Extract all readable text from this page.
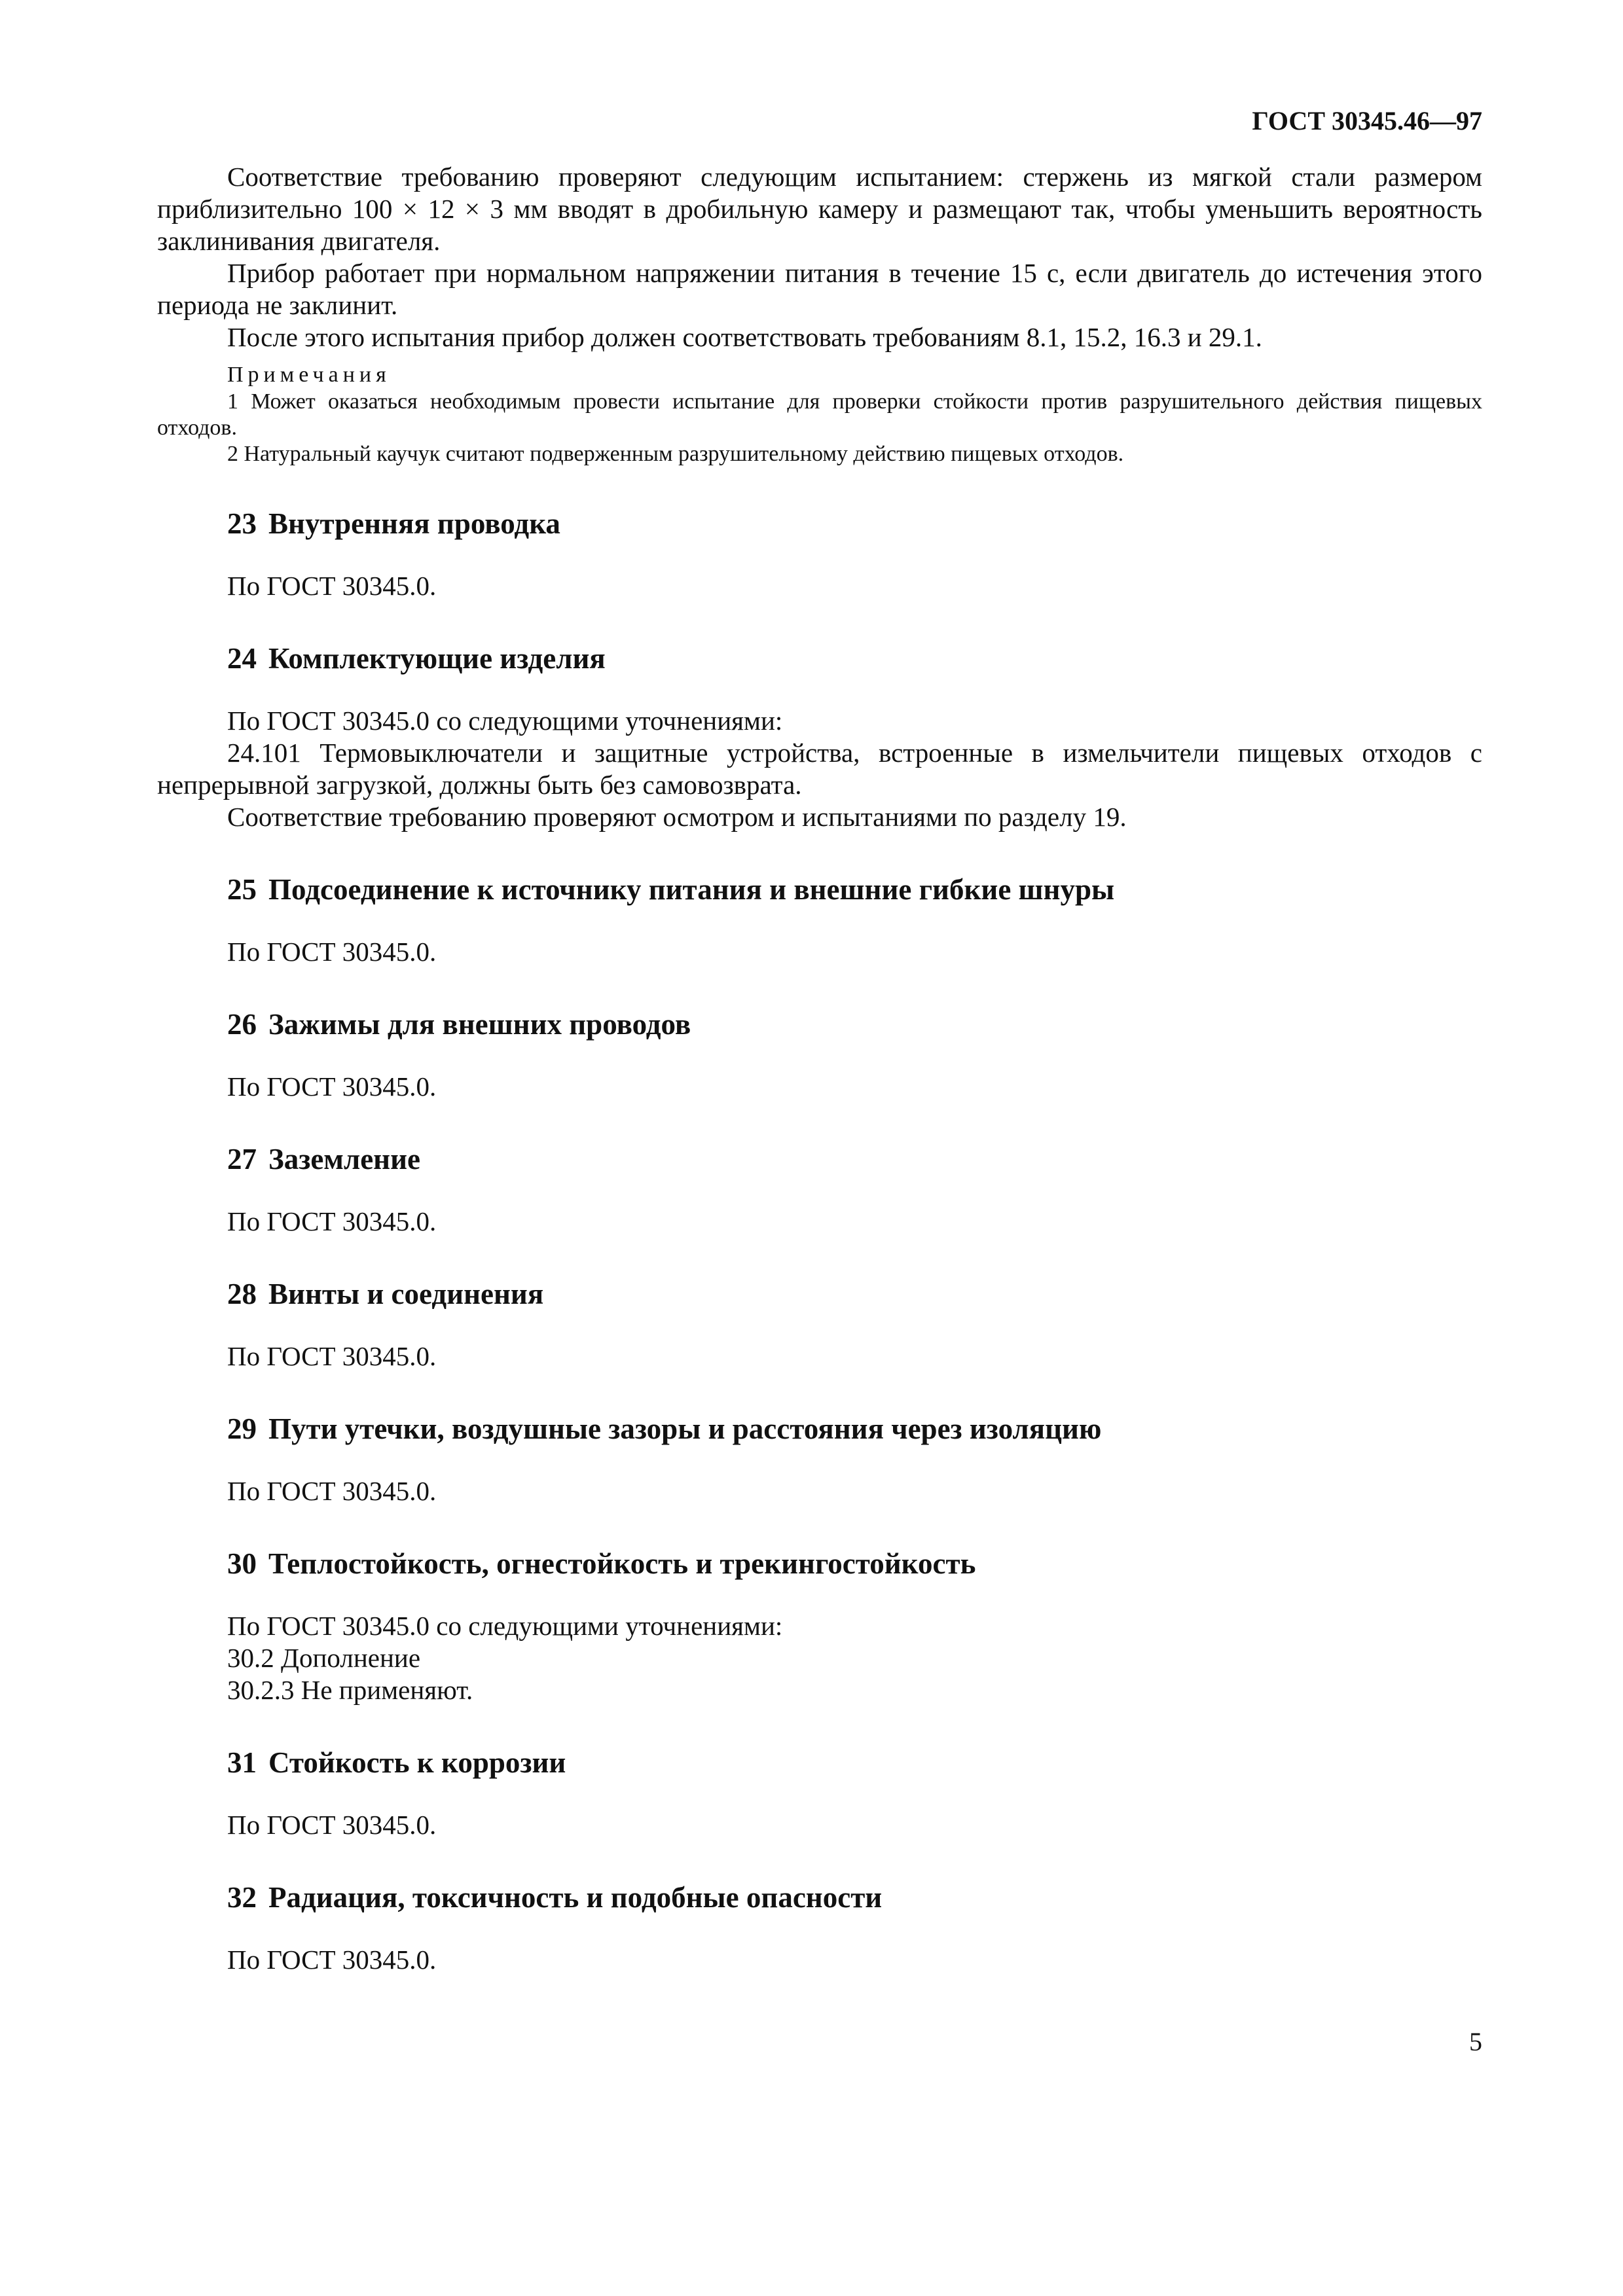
ГОСТ 30345.46—97

Соответствие требованию проверяют следующим испытанием: стержень из мягкой стали размером приблизительно 100 × 12 × 3 мм вводят в дробильную камеру и размещают так, чтобы уменьшить вероятность заклинивания двигателя.

Прибор работает при нормальном напряжении питания в течение 15 с, если двигатель до истечения этого периода не заклинит.

После этого испытания прибор должен соответствовать требованиям 8.1, 15.2, 16.3 и 29.1.

Примечания

1 Может оказаться необходимым провести испытание для проверки стойкости против разрушительного действия пищевых отходов.

2 Натуральный каучук считают подверженным разрушительному действию пищевых отходов.

23 Внутренняя проводка

По ГОСТ 30345.0.

24 Комплектующие изделия

По ГОСТ 30345.0 со следующими уточнениями:

24.101 Термовыключатели и защитные устройства, встроенные в измельчители пищевых отходов с непрерывной загрузкой, должны быть без самовозврата.

Соответствие требованию проверяют осмотром и испытаниями по разделу 19.

25 Подсоединение к источнику питания и внешние гибкие шнуры

По ГОСТ 30345.0.

26 Зажимы для внешних проводов

По ГОСТ 30345.0.

27 Заземление

По ГОСТ 30345.0.

28 Винты и соединения

По ГОСТ 30345.0.

29 Пути утечки, воздушные зазоры и расстояния через изоляцию

По ГОСТ 30345.0.

30 Теплостойкость, огнестойкость и трекингостойкость

По ГОСТ 30345.0 со следующими уточнениями:

30.2 Дополнение

30.2.3 Не применяют.

31 Стойкость к коррозии

По ГОСТ 30345.0.

32 Радиация, токсичность и подобные опасности

По ГОСТ 30345.0.

5
